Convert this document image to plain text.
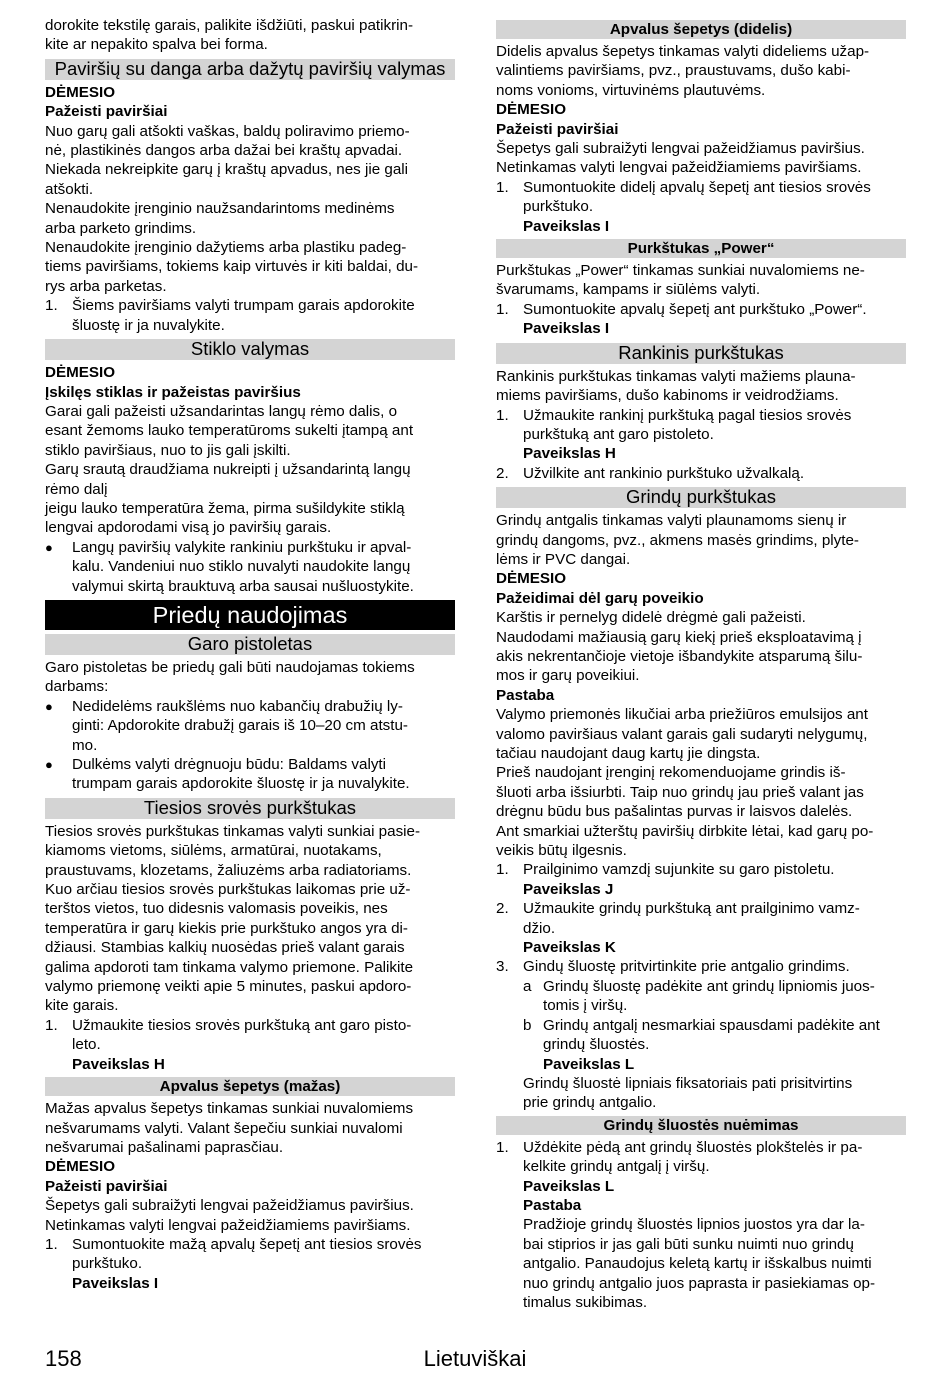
dorokite tekstilę garais, palikite išdžiūti, paskui patikrin-

kite ar nepakito spalva bei forma.

Paviršių su danga arba dažytų paviršių valymas

DĖMESIO

Pažeisti paviršiai

Nuo garų gali atšokti vaškas, baldų poliravimo priemo-

nė, plastikinės dangos arba dažai bei kraštų apvadai.

Niekada nekreipkite garų į kraštų apvadus, nes jie gali

atšokti.

Nenaudokite įrenginio naužsandarintoms medinėms

arba parketo grindims.

Nenaudokite įrenginio dažytiems arba plastiku padeg-

tiems paviršiams, tokiems kaip virtuvės ir kiti baldai, du-

rys arba parketas.

1. Šiems paviršiams valyti trumpam garais apdorokite

šluostę ir ja nuvalykite.

Stiklo valymas

DĖMESIO

Įskilęs stiklas ir pažeistas paviršius

Garai gali pažeisti užsandarintas langų rėmo dalis, o

esant žemoms lauko temperatūroms sukelti įtampą ant

stiklo paviršiaus, nuo to jis gali įskilti.

Garų srautą draudžiama nukreipti į užsandarintą langų

rėmo dalį

jeigu lauko temperatūra žema, pirma sušildykite stiklą

lengvai apdorodami visą jo paviršių garais.

●	Langų paviršių valykite rankiniu purkštuku ir apval-

kalu. Vandeniui nuo stiklo nuvalyti naudokite langų

valymui skirtą brauktuvą arba sausai nušluostykite.

Priedų naudojimas
Garo pistoletas

Garo pistoletas be priedų gali būti naudojamas tokiems

darbams:

●	Nedidelėms raukšlėms nuo kabančių drabužių ly-

ginti: Apdorokite drabužį garais iš 10–20 cm atstu-

mo.

●	Dulkėms valyti drėgnuoju būdu: Baldams valyti

trumpam garais apdorokite šluostę ir ja nuvalykite.

Tiesios srovės purkštukas

Tiesios srovės purkštukas tinkamas valyti sunkiai pasie-

kiamoms vietoms, siūlėms, armatūrai, nuotakams,

praustuvams, klozetams, žaliuzėms arba radiatoriams.

Kuo arčiau tiesios srovės purkštukas laikomas prie už-

terštos vietos, tuo didesnis valomasis poveikis, nes

temperatūra ir garų kiekis prie purkštuko angos yra di-

džiausi. Stambias kalkių nuosėdas prieš valant garais

galima apdoroti tam tinkama valymo priemone. Palikite

valymo priemonę veikti apie 5 minutes, paskui apdoro-

kite garais.

1. Užmaukite tiesios srovės purkštuką ant garo pisto-

leto.

Paveikslas H

Apvalus šepetys (mažas)

Mažas apvalus šepetys tinkamas sunkiai nuvalomiems

nešvarumams valyti. Valant šepečiu sunkiai nuvalomi

nešvarumai pašalinami paprasčiau.

DĖMESIO

Pažeisti paviršiai

Šepetys gali subraižyti lengvai pažeidžiamus paviršius.

Netinkamas valyti lengvai pažeidžiamiems paviršiams.

1. Sumontuokite mažą apvalų šepetį ant tiesios srovės

purkštuko.

Paveikslas I

Apvalus šepetys (didelis)

Didelis apvalus šepetys tinkamas valyti dideliems užap-

valintiems paviršiams, pvz., praustuvams, dušo kabi-

noms vonioms, virtuvinėms plautuvėms.

DĖMESIO

Pažeisti paviršiai

Šepetys gali subraižyti lengvai pažeidžiamus paviršius.

Netinkamas valyti lengvai pažeidžiamiems paviršiams.

1. Sumontuokite didelį apvalų šepetį ant tiesios srovės

purkštuko.

Paveikslas I

Purkštukas „Power“

Purkštukas „Power“ tinkamas sunkiai nuvalomiems ne-

švarumams, kampams ir siūlėms valyti.

1. Sumontuokite apvalų šepetį ant purkštuko „Power“.

Paveikslas I

Rankinis purkštukas

Rankinis purkštukas tinkamas valyti mažiems plauna-

miems paviršiams, dušo kabinoms ir veidrodžiams.

1. Užmaukite rankinį purkštuką pagal tiesios srovės

purkštuką ant garo pistoleto.

Paveikslas H

2. Užvilkite ant rankinio purkštuko užvalkalą.

Grindų purkštukas

Grindų antgalis tinkamas valyti plaunamoms sienų ir

grindų dangoms, pvz., akmens masės grindims, plyte-

lėms ir PVC dangai.

DĖMESIO

Pažeidimai dėl garų poveikio

Karštis ir pernelyg didelė drėgmė gali pažeisti.

Naudodami mažiausią garų kiekį prieš eksploatavimą į

akis nekrentančioje vietoje išbandykite atsparumą šilu-

mos ir garų poveikiui.

Pastaba

Valymo priemonės likučiai arba priežiūros emulsijos ant

valomo paviršiaus valant garais gali sudaryti nelygumų,

tačiau naudojant daug kartų jie dingsta.

Prieš naudojant įrenginį rekomenduojame grindis iš-

šluoti arba išsiurbti. Taip nuo grindų jau prieš valant jas

drėgnu būdu bus pašalintas purvas ir laisvos dalelės.

Ant smarkiai užterštų paviršių dirbkite lėtai, kad garų po-

veikis būtų ilgesnis.

1. Prailginimo vamzdį sujunkite su garo pistoletu.

Paveikslas J

2. Užmaukite grindų purkštuką ant prailginimo vamz-

džio.

Paveikslas K

3. Gindų šluostę pritvirtinkite prie antgalio grindims.

a Grindų šluostę padėkite ant grindų lipniomis juos-

tomis į viršų.

b Grindų antgalį nesmarkiai spausdami padėkite ant

grindų šluostės.

Paveikslas L

Grindų šluostė lipniais fiksatoriais pati prisitvirtins

prie grindų antgalio.

Grindų šluostės nuėmimas
1. Uždėkite pėdą ant grindų šluostės plokštelės ir pa-

kelkite grindų antgalį į viršų.

Paveikslas L

Pastaba

Pradžioje grindų šluostės lipnios juostos yra dar la-

bai stiprios ir jas gali būti sunku nuimti nuo grindų

antgalio. Panaudojus keletą kartų ir išskalbus nuimti

nuo grindų antgalio juos paprasta ir pasiekiamas op-

timalus sukibimas.

158	Lietuviškai
